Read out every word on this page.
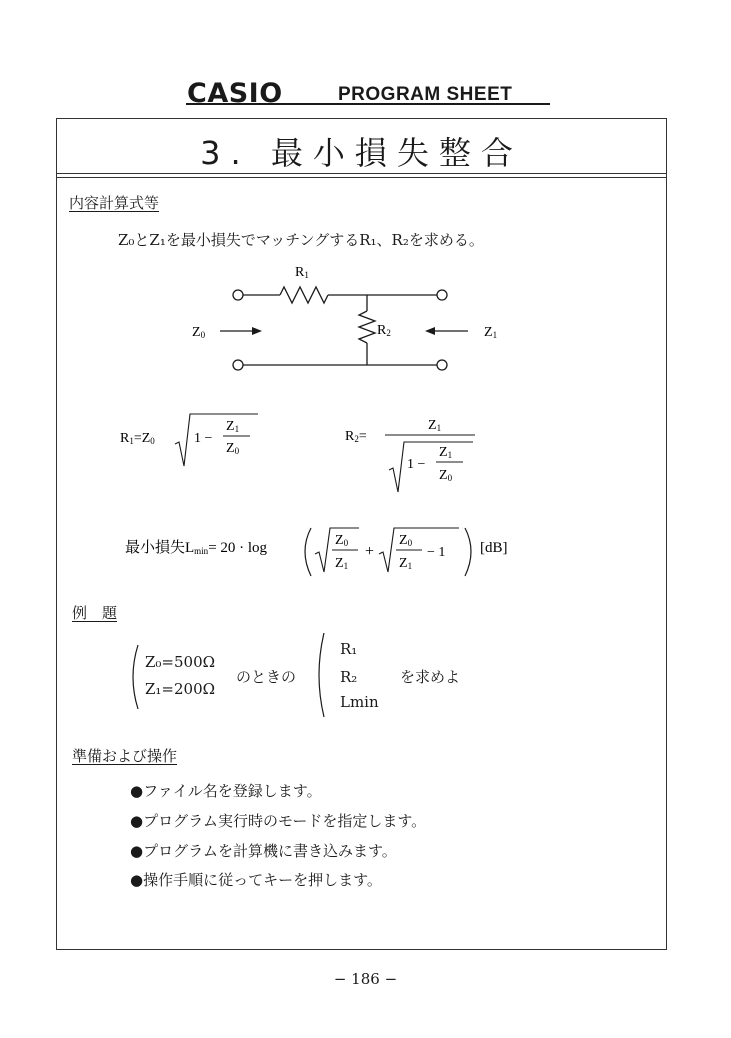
CASIO	PROGRAM SHEET
3. 最小損失整合
内容計算式等
Z₀とZ₁を最小損失でマッチングするR₁、R₂を求める。
R1
R2
Z0	Z1
R1=Z0	1 −
Z1
Z0
R2=
Z1
1 −
Z1
Z0
最小損失Lmin= 20 · log	Z0
Z1
+
Z0
Z1
− 1 [dB]
例　題
Z₀=500Ω
Z₁=200Ω
のときの
R₁
R₂
Lmin
を求めよ
準備および操作
●ファイル名を登録します。
●プログラム実行時のモードを指定します。
●プログラムを計算機に書き込みます。
●操作手順に従ってキーを押します。
− 186 −
